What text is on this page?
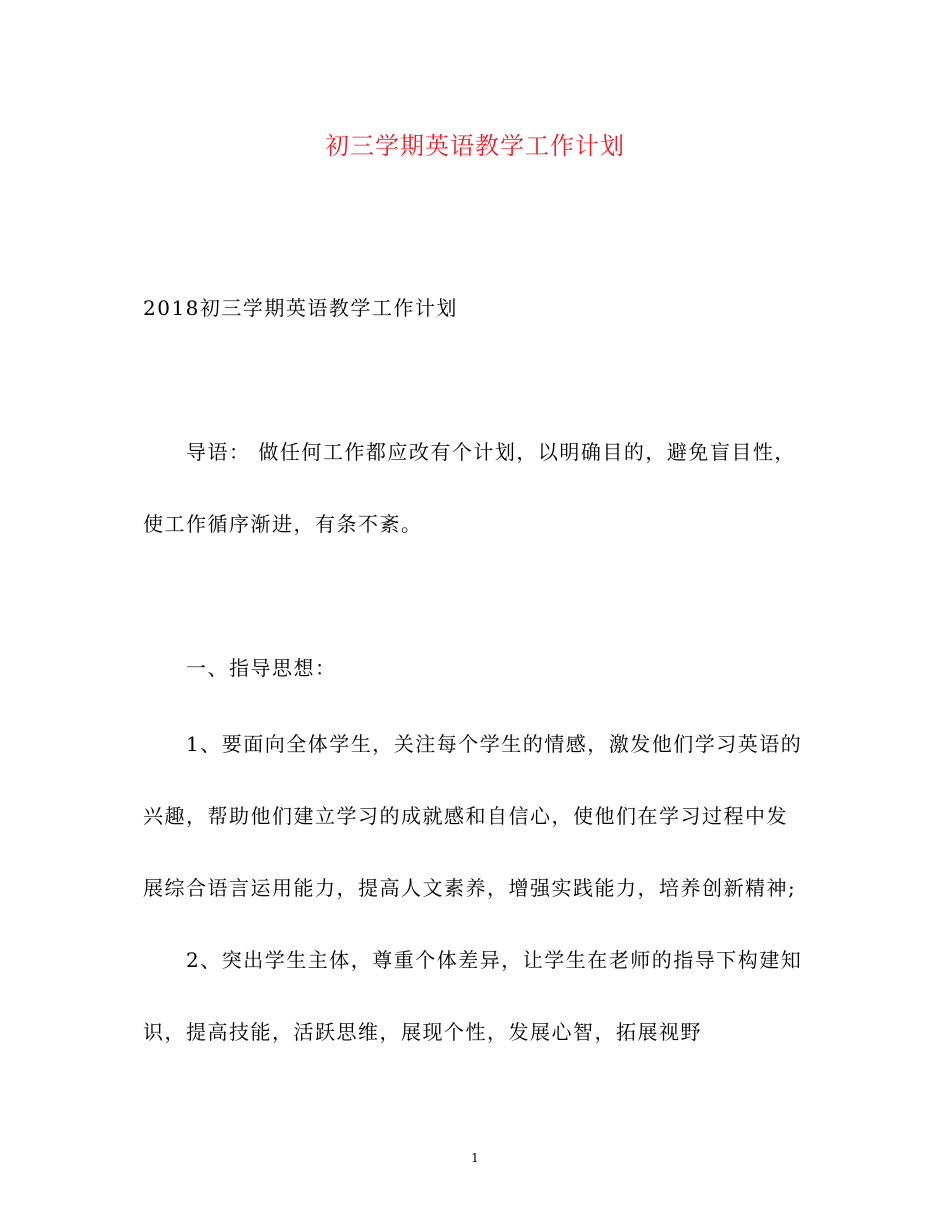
初三学期英语教学工作计划
2018初三学期英语教学工作计划
导语： 做任何工作都应改有个计划，以明确目的，避免盲目性，
使工作循序渐进，有条不紊。
一、指导思想：
1、要面向全体学生，关注每个学生的情感，激发他们学习英语的
兴趣，帮助他们建立学习的成就感和自信心，使他们在学习过程中发
展综合语言运用能力，提高人文素养，增强实践能力，培养创新精神;
2、突出学生主体，尊重个体差异，让学生在老师的指导下构建知
识，提高技能，活跃思维，展现个性，发展心智，拓展视野
1
